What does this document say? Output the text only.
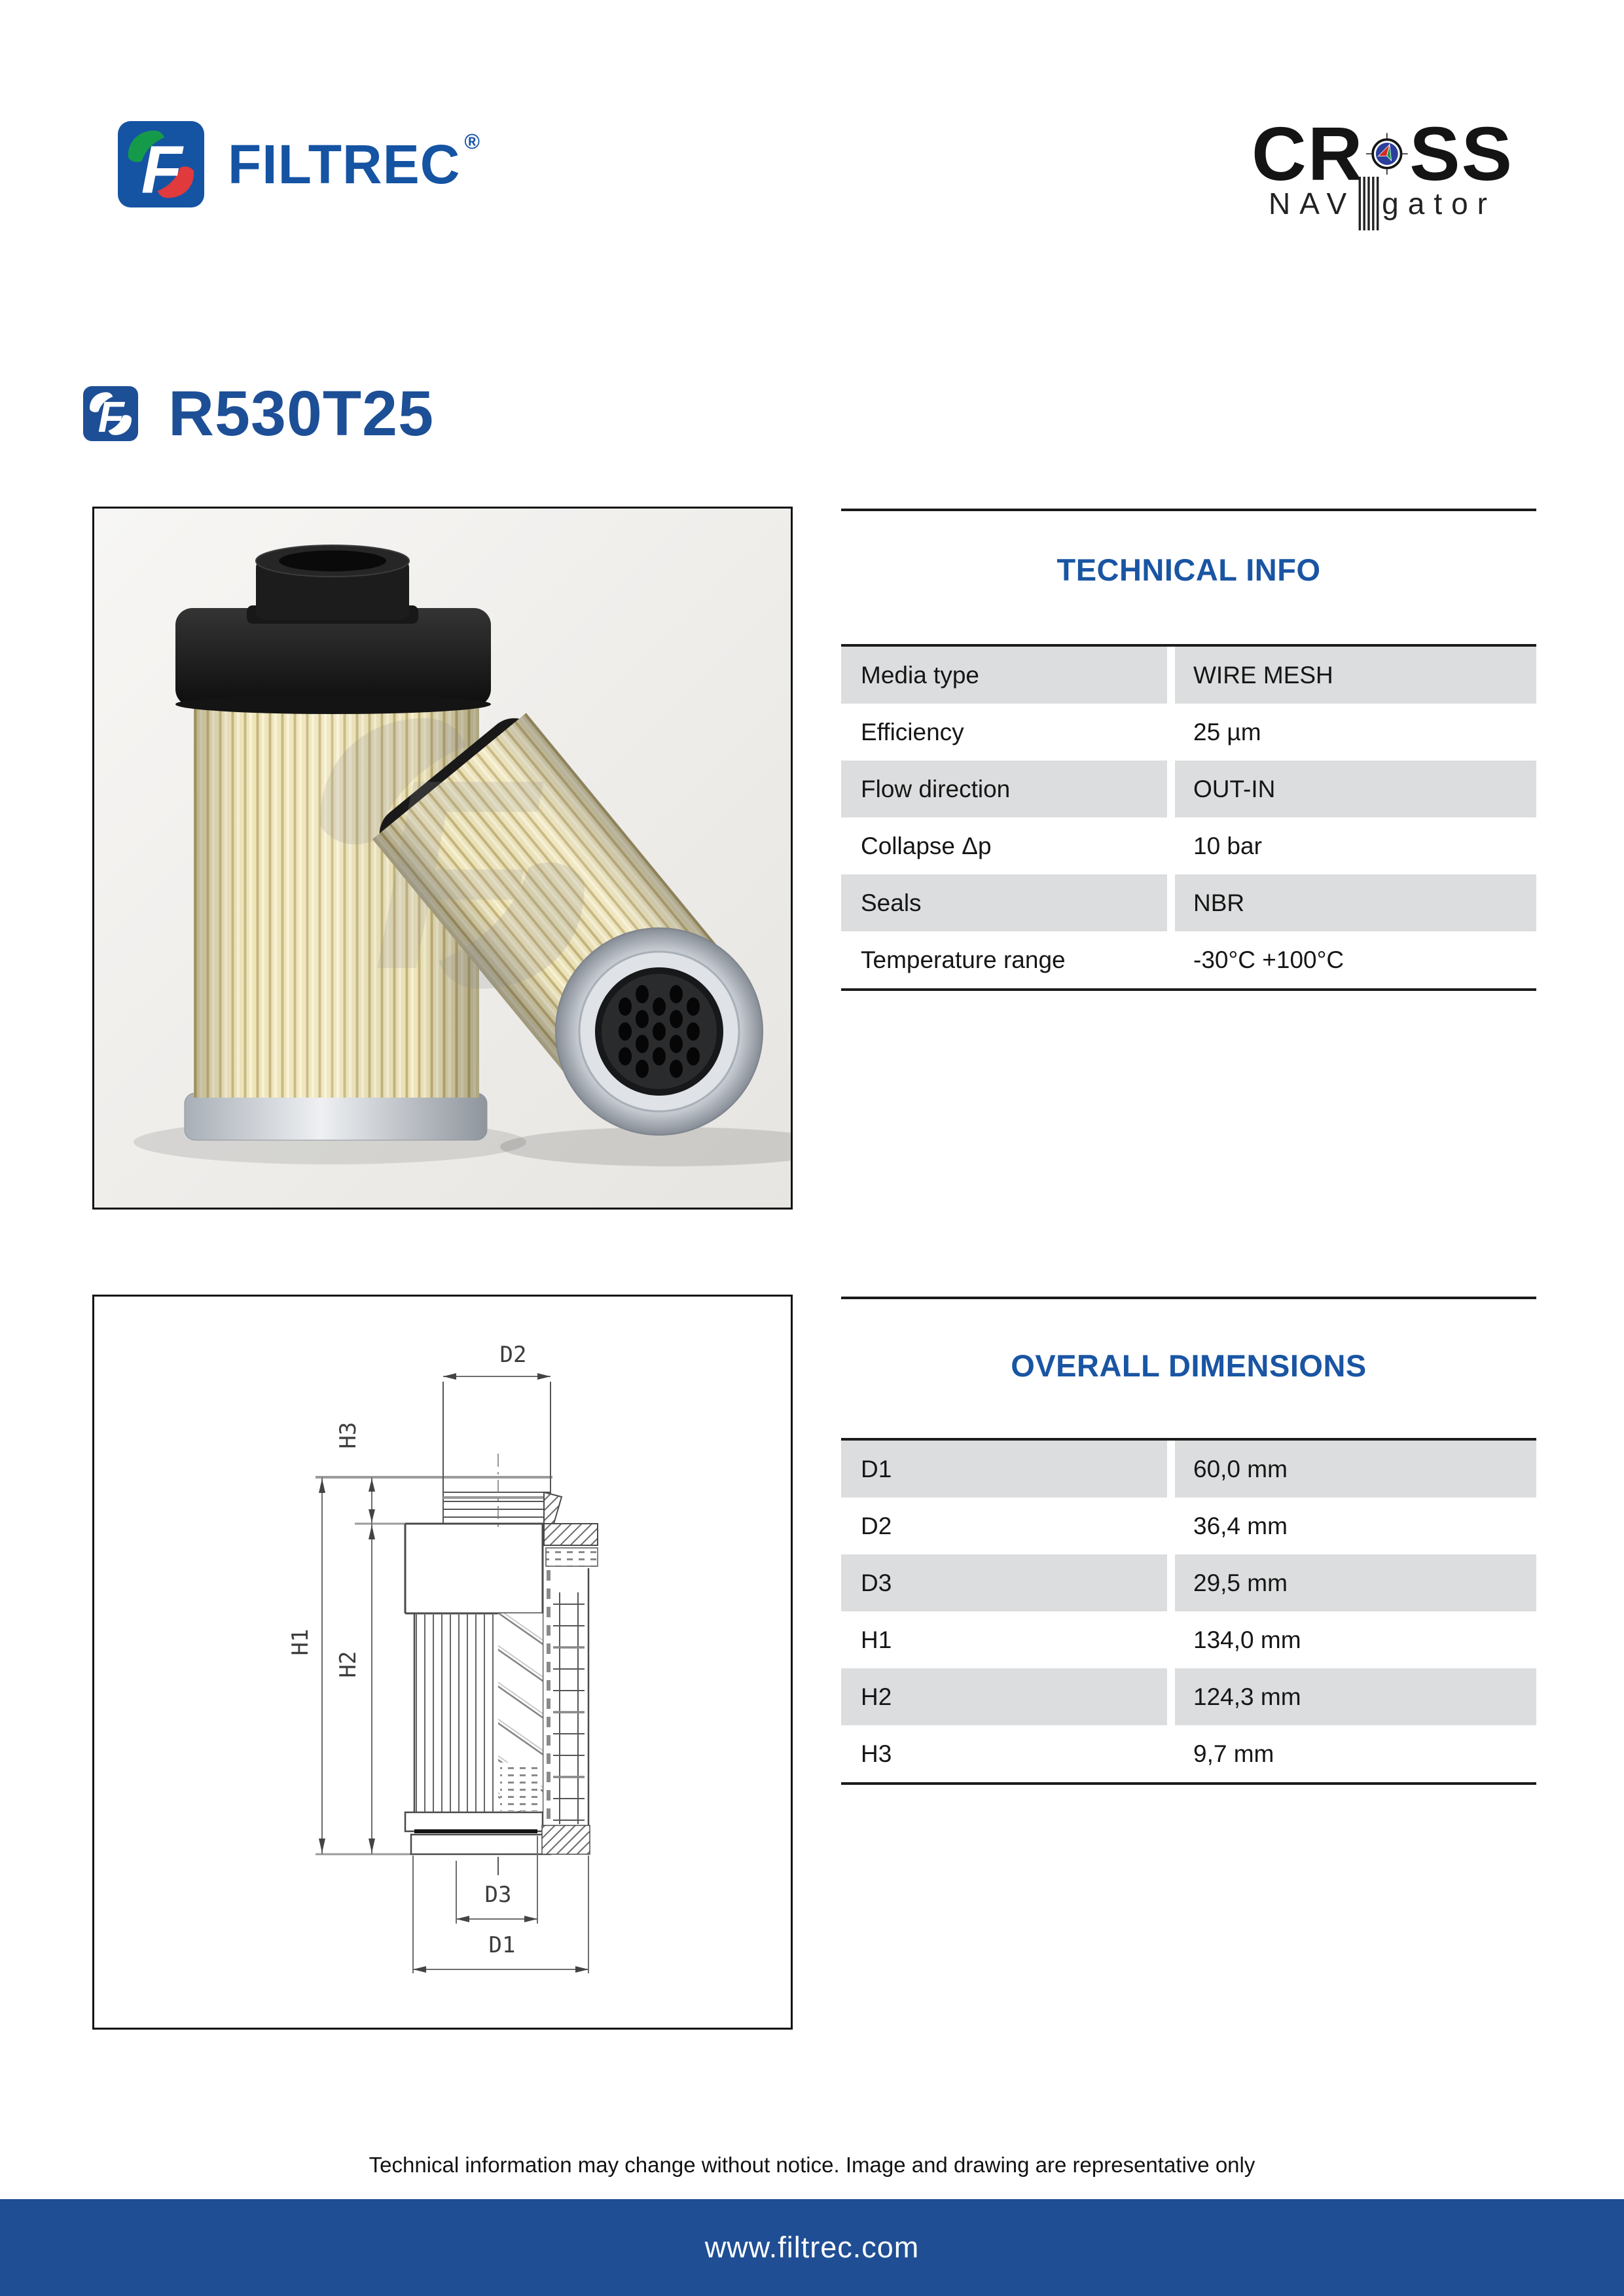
F FILTREC®	CR SS
NAV gator
F R530T25
F
TECHNICAL INFO
Media type	WIRE MESH
Efficiency	25 µm
Flow direction	OUT-IN
Collapse Δp	10 bar
Seals	NBR
Temperature range	-30°C +100°C
D2
H3
H1
H2
D3
D1
OVERALL DIMENSIONS
D1	60,0 mm
D2	36,4 mm
D3	29,5 mm
H1	134,0 mm
H2	124,3 mm
H3	9,7 mm
Technical information may change without notice. Image and drawing are representative only
www.filtrec.com
